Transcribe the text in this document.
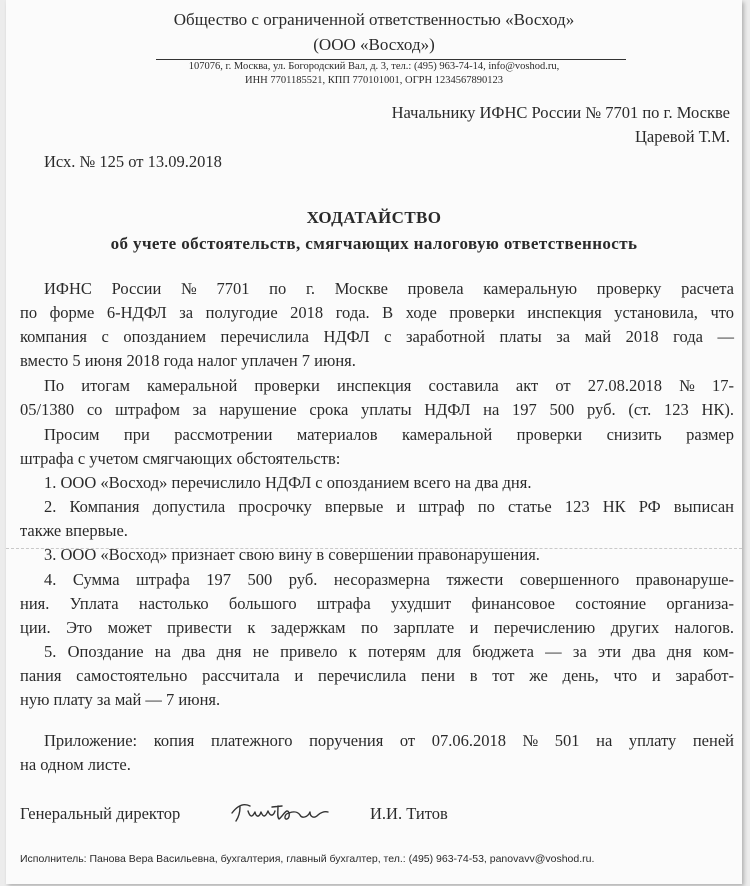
Общество с ограниченной ответственностью «Восход»
(ООО «Восход»)
107076, г. Москва, ул. Богородский Вал, д. 3, тел.: (495) 963-74-14, info@voshod.ru,
ИНН 7701185521, КПП 770101001, ОГРН 1234567890123
Начальнику ИФНС России № 7701 по г. Москве
Царевой Т.М.
Исх. № 125 от 13.09.2018
ХОДАТАЙСТВО
об учете обстоятельств, смягчающих налоговую ответственность
ИФНС России № 7701 по г. Москве провела камеральную проверку расчета
по форме 6-НДФЛ за полугодие 2018 года. В ходе проверки инспекция установила, что
компания с опозданием перечислила НДФЛ с заработной платы за май 2018 года —
вместо 5 июня 2018 года налог уплачен 7 июня.
По итогам камеральной проверки инспекция составила акт от 27.08.2018 № 17-
05/1380 со штрафом за нарушение срока уплаты НДФЛ на 197 500 руб. (ст. 123 НК).
Просим при рассмотрении материалов камеральной проверки снизить размер
штрафа с учетом смягчающих обстоятельств:
1. ООО «Восход» перечислило НДФЛ с опозданием всего на два дня.
2. Компания допустила просрочку впервые и штраф по статье 123 НК РФ выписан
также впервые.
3. ООО «Восход» признает свою вину в совершении правонарушения.
4. Сумма штрафа 197 500 руб. несоразмерна тяжести совершенного правонаруше-
ния. Уплата настолько большого штрафа ухудшит финансовое состояние организа-
ции. Это может привести к задержкам по зарплате и перечислению других налогов.
5. Опоздание на два дня не привело к потерям для бюджета — за эти два дня ком-
пания самостоятельно рассчитала и перечислила пени в тот же день, что и заработ-
ную плату за май — 7 июня.
Приложение: копия платежного поручения от 07.06.2018 № 501 на уплату пеней
на одном листе.
Генеральный директор	И.И. Титов
Исполнитель: Панова Вера Васильевна, бухгалтерия, главный бухгалтер, тел.: (495) 963-74-53, panovavv@voshod.ru.
